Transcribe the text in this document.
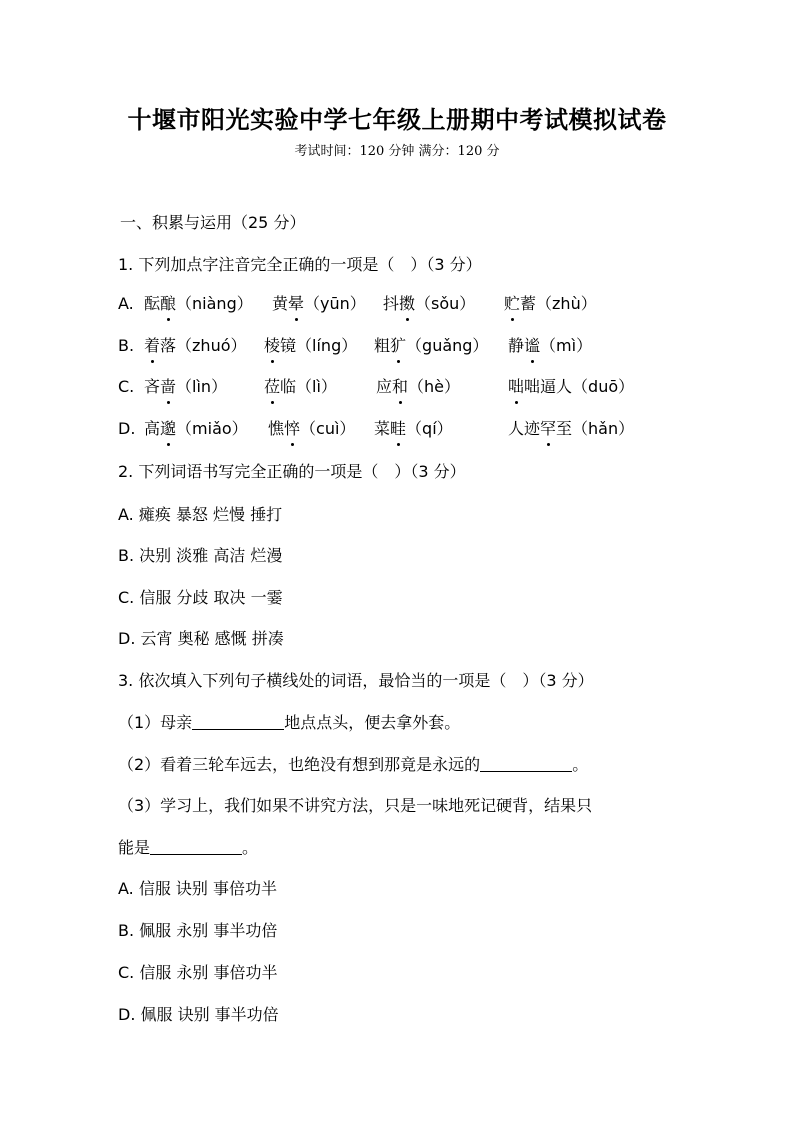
十堰市阳光实验中学七年级上册期中考试模拟试卷
考试时间：120 分钟 满分：120 分
一、积累与运用（25 分）
1. 下列加点字注音完全正确的一项是（　）（3 分）
A. 酝酿（niàng） 黄晕（yūn） 抖擞（sǒu） 贮蓄（zhù）
B. 着落（zhuó） 棱镜（líng） 粗犷（guǎng） 静谧（mì）
C. 吝啬（lìn） 莅临（lì） 应和（hè）	咄咄逼人（duō）
D. 高邈（miǎo） 憔悴（cuì） 菜畦（qí）	人迹罕至（hǎn）
2. 下列词语书写完全正确的一项是（　）（3 分）
A. 瘫痪 暴怒 烂慢 捶打
B. 决别 淡雅 高洁 烂漫
C. 信服 分歧 取决 一霎
D. 云宵 奥秘 感慨 拼凑
3. 依次填入下列句子横线处的词语，最恰当的一项是（　）（3 分）
（1）母亲	地点点头，便去拿外套。
（2）看着三轮车远去，也绝没有想到那竟是永远的	。
（3）学习上，我们如果不讲究方法，只是一味地死记硬背，结果只
能是	。
A. 信服 诀别 事倍功半
B. 佩服 永别 事半功倍
C. 信服 永别 事倍功半
D. 佩服 诀别 事半功倍
